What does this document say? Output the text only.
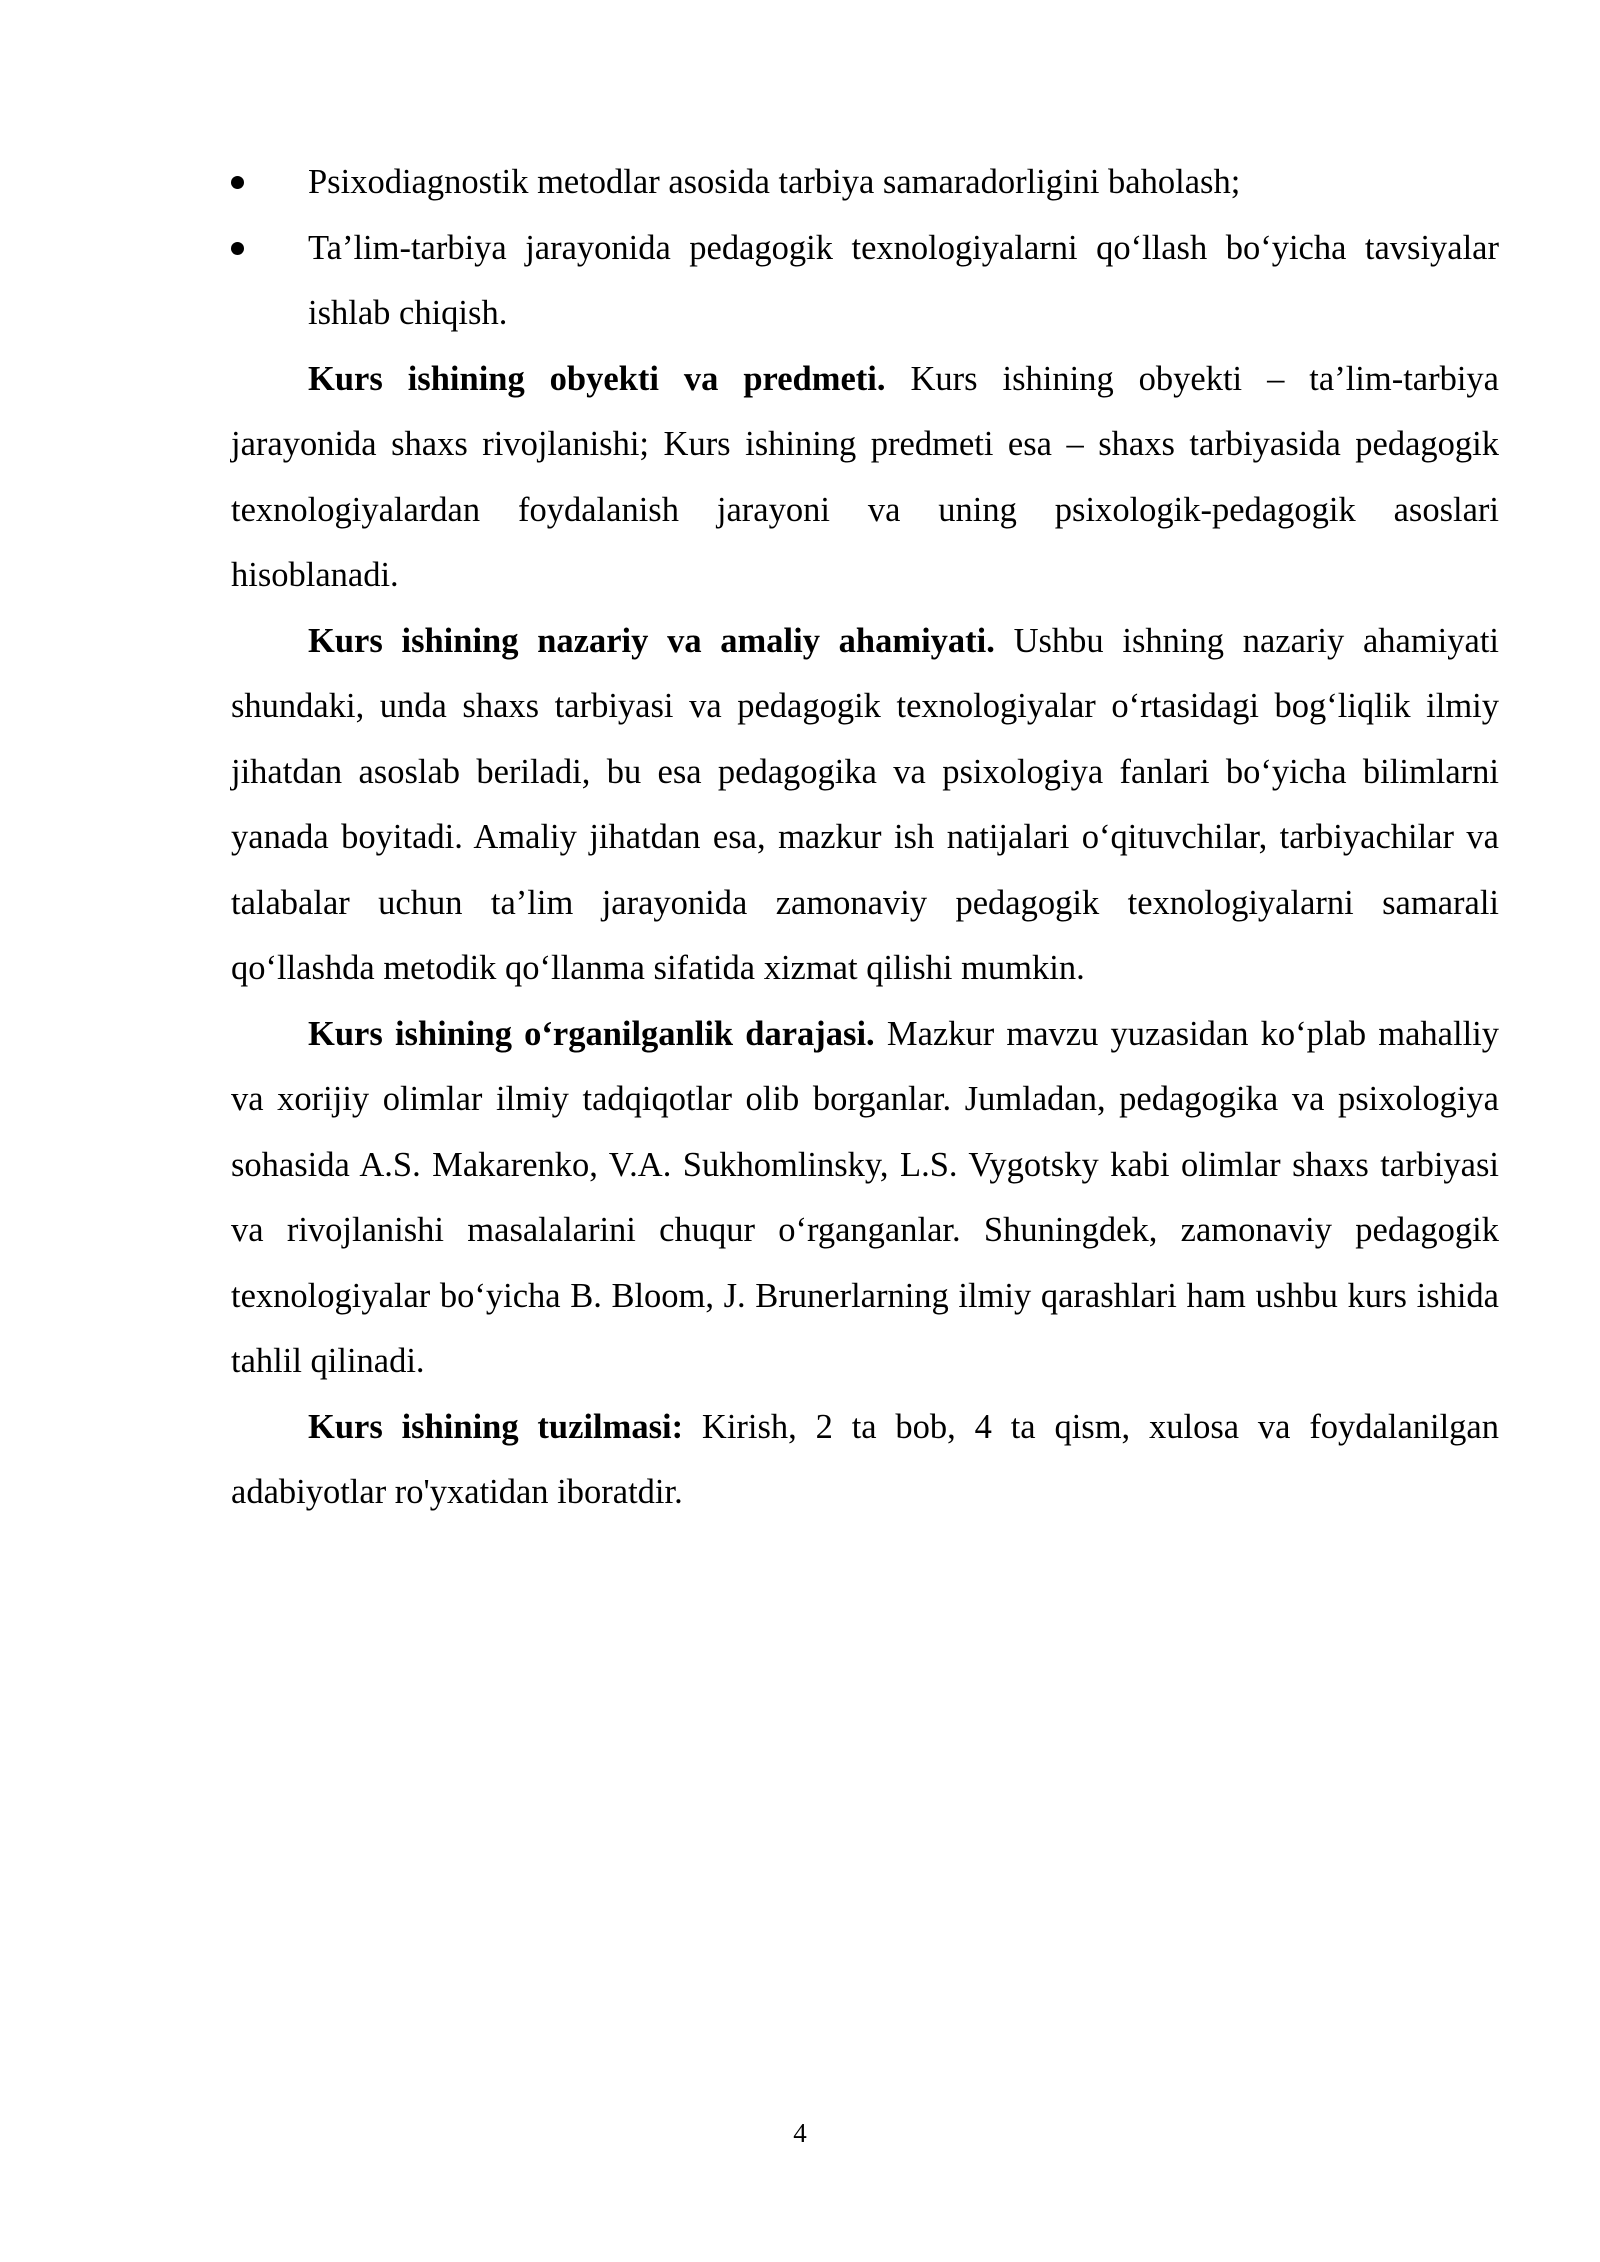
Psixodiagnostik metodlar asosida tarbiya samaradorligini baholash;
Ta’lim-tarbiya jarayonida pedagogik texnologiyalarni qo‘llash bo‘yicha tavsiyalar ishlab chiqish.

Kurs ishining obyekti va predmeti. Kurs ishining obyekti – ta’lim-tarbiya jarayonida shaxs rivojlanishi; Kurs ishining predmeti esa – shaxs tarbiyasida pedagogik texnologiyalardan foydalanish jarayoni va uning psixologik-pedagogik asoslari hisoblanadi.

Kurs ishining nazariy va amaliy ahamiyati. Ushbu ishning nazariy ahamiyati shundaki, unda shaxs tarbiyasi va pedagogik texnologiyalar o‘rtasidagi bog‘liqlik ilmiy jihatdan asoslab beriladi, bu esa pedagogika va psixologiya fanlari bo‘yicha bilimlarni yanada boyitadi. Amaliy jihatdan esa, mazkur ish natijalari o‘qituvchilar, tarbiyachilar va talabalar uchun ta’lim jarayonida zamonaviy pedagogik texnologiyalarni samarali qo‘llashda metodik qo‘llanma sifatida xizmat qilishi mumkin.

Kurs ishining o‘rganilganlik darajasi. Mazkur mavzu yuzasidan ko‘plab mahalliy va xorijiy olimlar ilmiy tadqiqotlar olib borganlar. Jumladan, pedagogika va psixologiya sohasida A.S. Makarenko, V.A. Sukhomlinsky, L.S. Vygotsky kabi olimlar shaxs tarbiyasi va rivojlanishi masalalarini chuqur o‘rganganlar. Shuningdek, zamonaviy pedagogik texnologiyalar bo‘yicha B. Bloom, J. Brunerlarning ilmiy qarashlari ham ushbu kurs ishida tahlil qilinadi.

Kurs ishining tuzilmasi: Kirish, 2 ta bob, 4 ta qism, xulosa va foydalanilgan adabiyotlar ro'yxatidan iboratdir.

4
